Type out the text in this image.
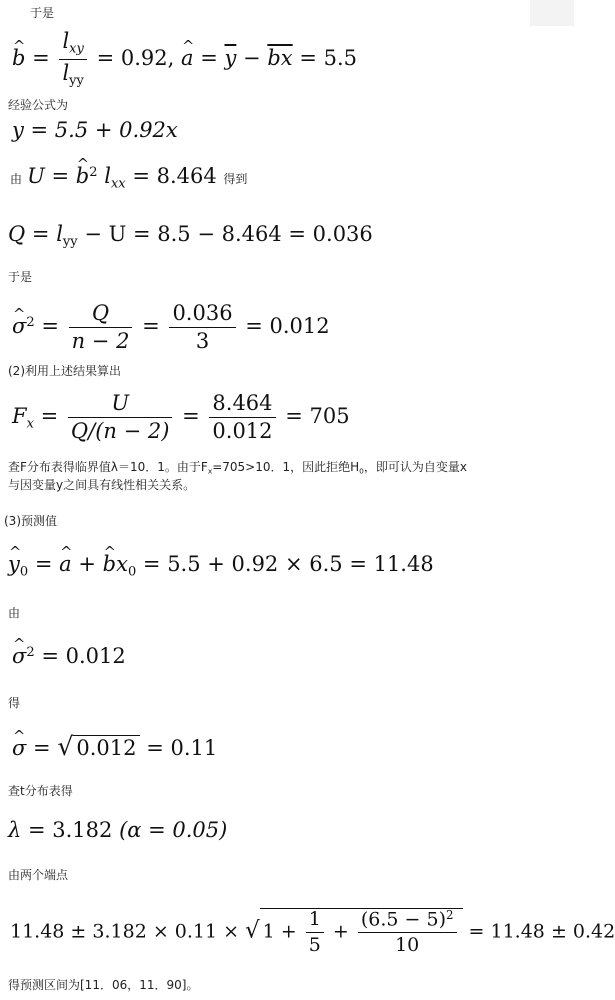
于是
^ $b = \frac{l_{xy}}{l_{yy}} = 0.92$, ^ $a = \overline{y} - \overline{bx} = 5.5$
经验公式为
y = 5.5 + 0.92x
由 U = ^ $b^2$ $l_{xx} = 8.464$ 得到
$Q = l_{yy} - U = 8.5 - 8.464 = 0.036$
于是
^ $\sigma^2 = \frac{Q}{n - 2} = \frac{0.036}{3} = 0.012$
(2)利用上述结果算出
$F_x = \frac{U}{Q/(n - 2)} = \frac{8.464}{0.012} = 705$
查F分布表得临界值λ＝10．1。由于$F_x=705>10$．1，因此拒绝$H_0$，即可认为自变量x
与因变量y之间具有线性相关关系。
(3)预测值
^ $y_0$ = ^ a + ^ $bx_0 = 5.5 + 0.92 \times 6.5 = 11.48$
由
^ $\sigma^2 = 0.012$
得
^ σ = √ 0.012 = 0.11
查t分布表得
λ = 3.182 (α = 0.05)
由两个端点
11.48 ± 3.182 × 0.11 × √ $1 + \frac{1}{5} + \frac{(6.5 - 5)^2}{10} = 11.48 \pm 0.42$
得预测区间为[11．06，11．90]。
